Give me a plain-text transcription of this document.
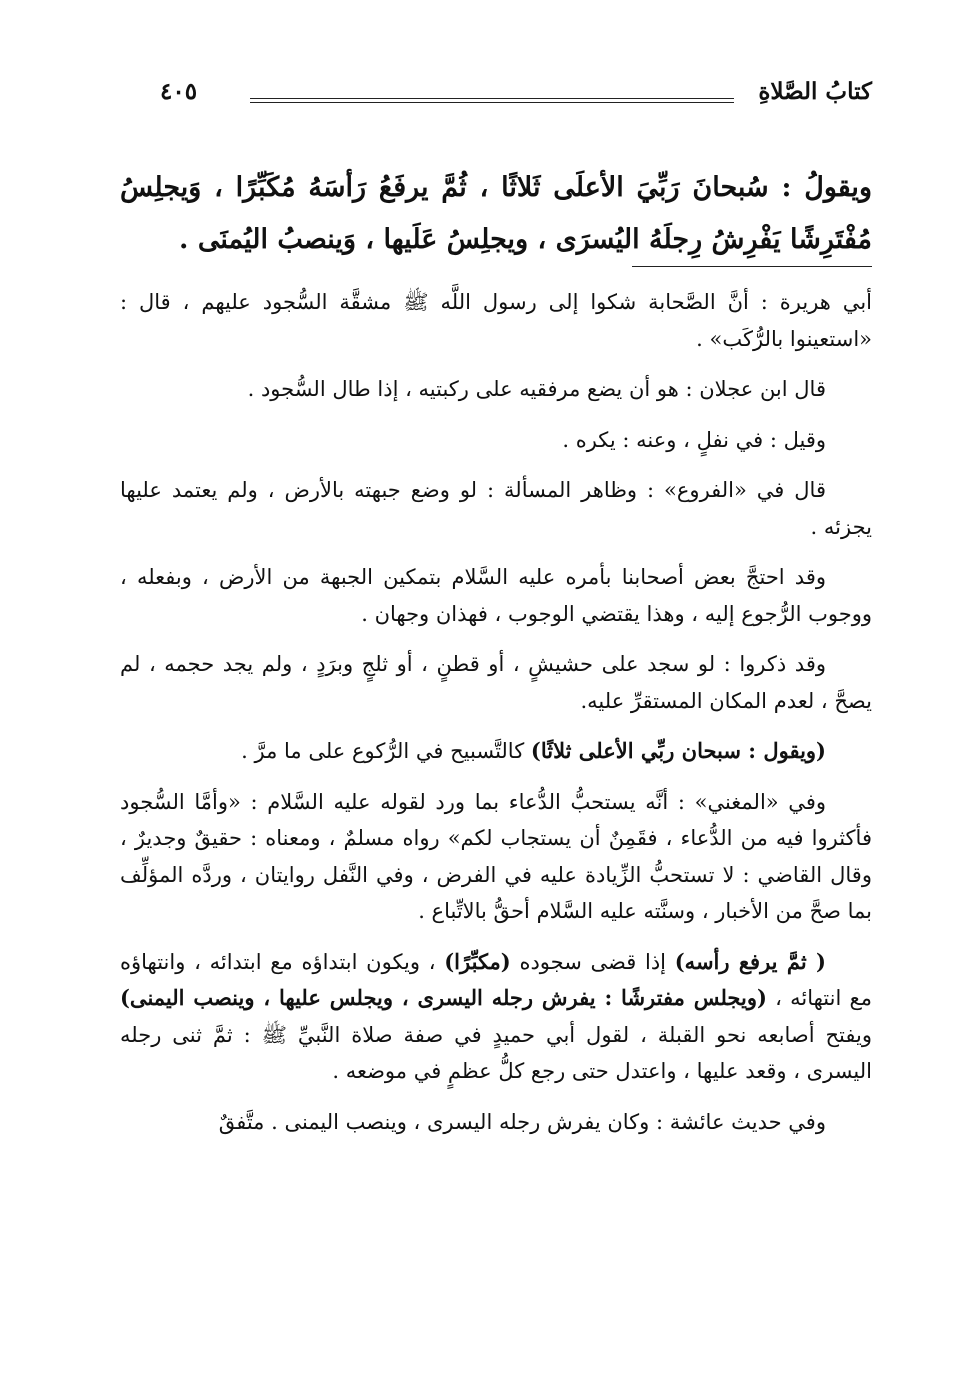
كتابُ الصَّلاةِ
٤٠٥

ويقولُ : سُبحانَ رَبِّيَ الأعلَى ثَلاثًا ، ثُمَّ يرفَعُ رَأسَهُ مُكَبِّرًا ، وَيجلِسُ مُفْتَرِشًا يَفْرِشُ رِجلَهُ اليُسرَى ، ويجلِسُ عَلَيها ، وَينصبُ اليُمنَى .

أبي هريرة : أنَّ الصَّحابة شكوا إلى رسول اللَّه ﷺ مشقَّة السُّجود عليهم ، قال : «استعينوا بالرُّكَب» .

قال ابن عجلان : هو أن يضع مرفقيه على ركبتيه ، إذا طال السُّجود .

وقيل : في نفلٍ ، وعنه : يكره .

قال في «الفروع» : وظاهر المسألة : لو وضع جبهته بالأرض ، ولم يعتمد عليها يجزئه .

وقد احتجَّ بعض أصحابنا بأمره عليه السَّلام بتمكين الجبهة من الأرض ، وبفعله ، ووجوب الرُّجوع إليه ، وهذا يقتضي الوجوب ، فهذان وجهان .

وقد ذكروا : لو سجد على حشيشٍ ، أو قطنٍ ، أو ثلجٍ وبرَدٍ ، ولم يجد حجمه ، لم يصحَّ ، لعدم المكان المستقرِّ عليه.

(ويقول : سبحان ربِّي الأعلى ثلاثًا) كالتَّسبيح في الرُّكوع على ما مرَّ .

وفي «المغني» : أنَّه يستحبُّ الدُّعاء بما ورد لقوله عليه السَّلام : «وأمَّا السُّجود فأكثروا فيه من الدُّعاء ، فقَمِنٌ أن يستجاب لكم» رواه مسلمٌ ، ومعناه : حقيقٌ وجديرٌ ، وقال القاضي : لا تستحبُّ الزِّيادة عليه في الفرض ، وفي النَّفل روايتان ، وردَّه المؤلِّف بما صحَّ من الأخبار ، وسنَّته عليه السَّلام أحقُّ بالاتِّباع .

( ثمَّ يرفع رأسه) إذا قضى سجوده (مكبِّرًا) ، ويكون ابتداؤه مع ابتدائه ، وانتهاؤه مع انتهائه ، (ويجلس مفترشًا : يفرش رجله اليسرى ، ويجلس عليها ، وينصب اليمنى) ويفتح أصابعه نحو القبلة ، لقول أبي حميدٍ في صفة صلاة النَّبيِّ ﷺ : ثمَّ ثنى رجله اليسرى ، وقعد عليها ، واعتدل حتى رجع كلُّ عظمٍ في موضعه .

وفي حديث عائشة : وكان يفرش رجله اليسرى ، وينصب اليمنى . متَّفقٌ
